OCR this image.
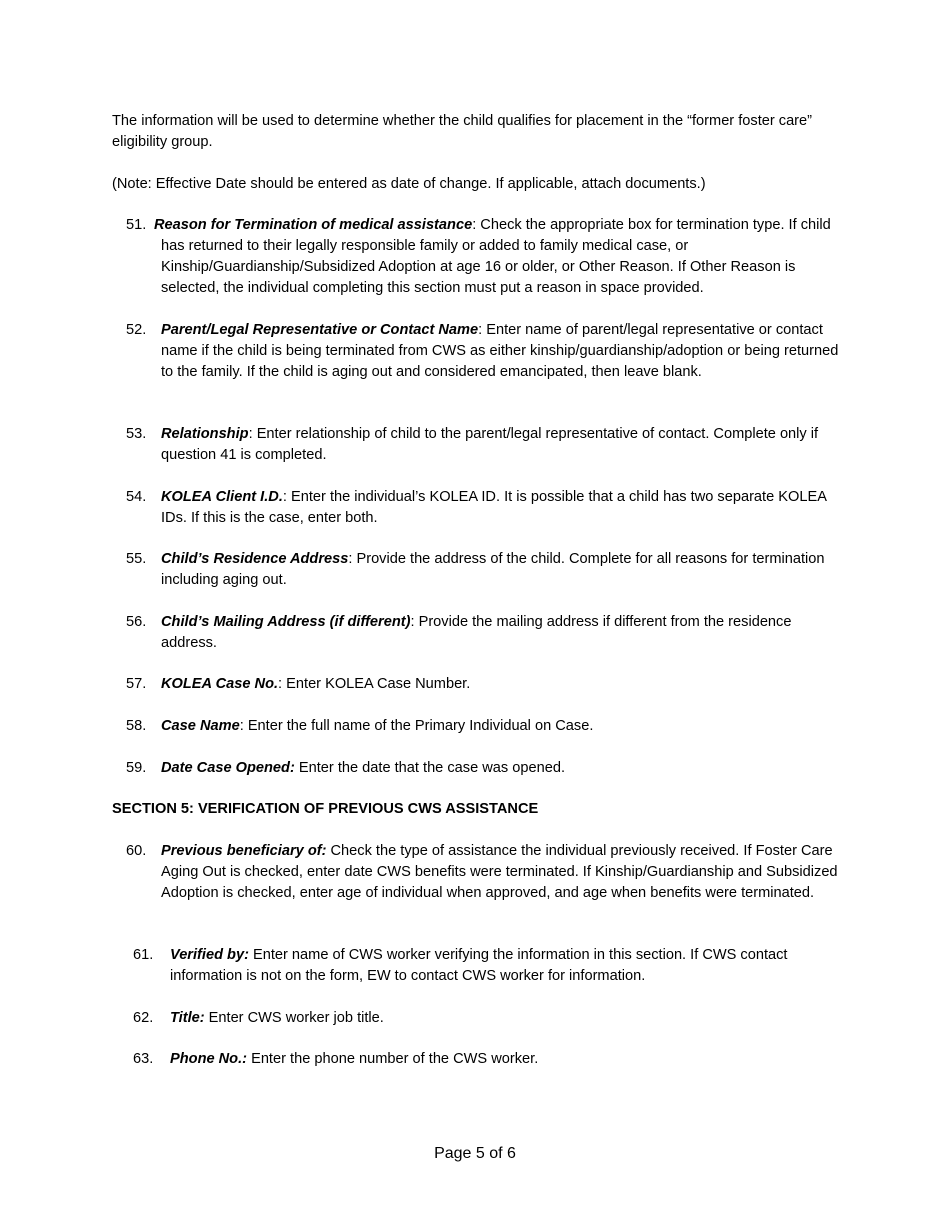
The information will be used to determine whether the child qualifies for placement in the “former foster care” eligibility group.

(Note: Effective Date should be entered as date of change. If applicable, attach documents.)

51. Reason for Termination of medical assistance: Check the appropriate box for termination type. If child has returned to their legally responsible family or added to family medical case, or Kinship/Guardianship/Subsidized Adoption at age 16 or older, or Other Reason. If Other Reason is selected, the individual completing this section must put a reason in space provided.

52. Parent/Legal Representative or Contact Name: Enter name of parent/legal representative or contact name if the child is being terminated from CWS as either kinship/guardianship/adoption or being returned to the family. If the child is aging out and considered emancipated, then leave blank.

53. Relationship: Enter relationship of child to the parent/legal representative of contact. Complete only if question 41 is completed.

54. KOLEA Client I.D.: Enter the individual’s KOLEA ID. It is possible that a child has two separate KOLEA IDs. If this is the case, enter both.

55. Child’s Residence Address: Provide the address of the child. Complete for all reasons for termination including aging out.

56. Child’s Mailing Address (if different): Provide the mailing address if different from the residence address.

57. KOLEA Case No.: Enter KOLEA Case Number.

58. Case Name: Enter the full name of the Primary Individual on Case.

59. Date Case Opened: Enter the date that the case was opened.

SECTION 5: VERIFICATION OF PREVIOUS CWS ASSISTANCE

60. Previous beneficiary of: Check the type of assistance the individual previously received. If Foster Care Aging Out is checked, enter date CWS benefits were terminated. If Kinship/Guardianship and Subsidized Adoption is checked, enter age of individual when approved, and age when benefits were terminated.

61. Verified by: Enter name of CWS worker verifying the information in this section. If CWS contact information is not on the form, EW to contact CWS worker for information.

62. Title: Enter CWS worker job title.

63. Phone No.: Enter the phone number of the CWS worker.

Page 5 of 6
